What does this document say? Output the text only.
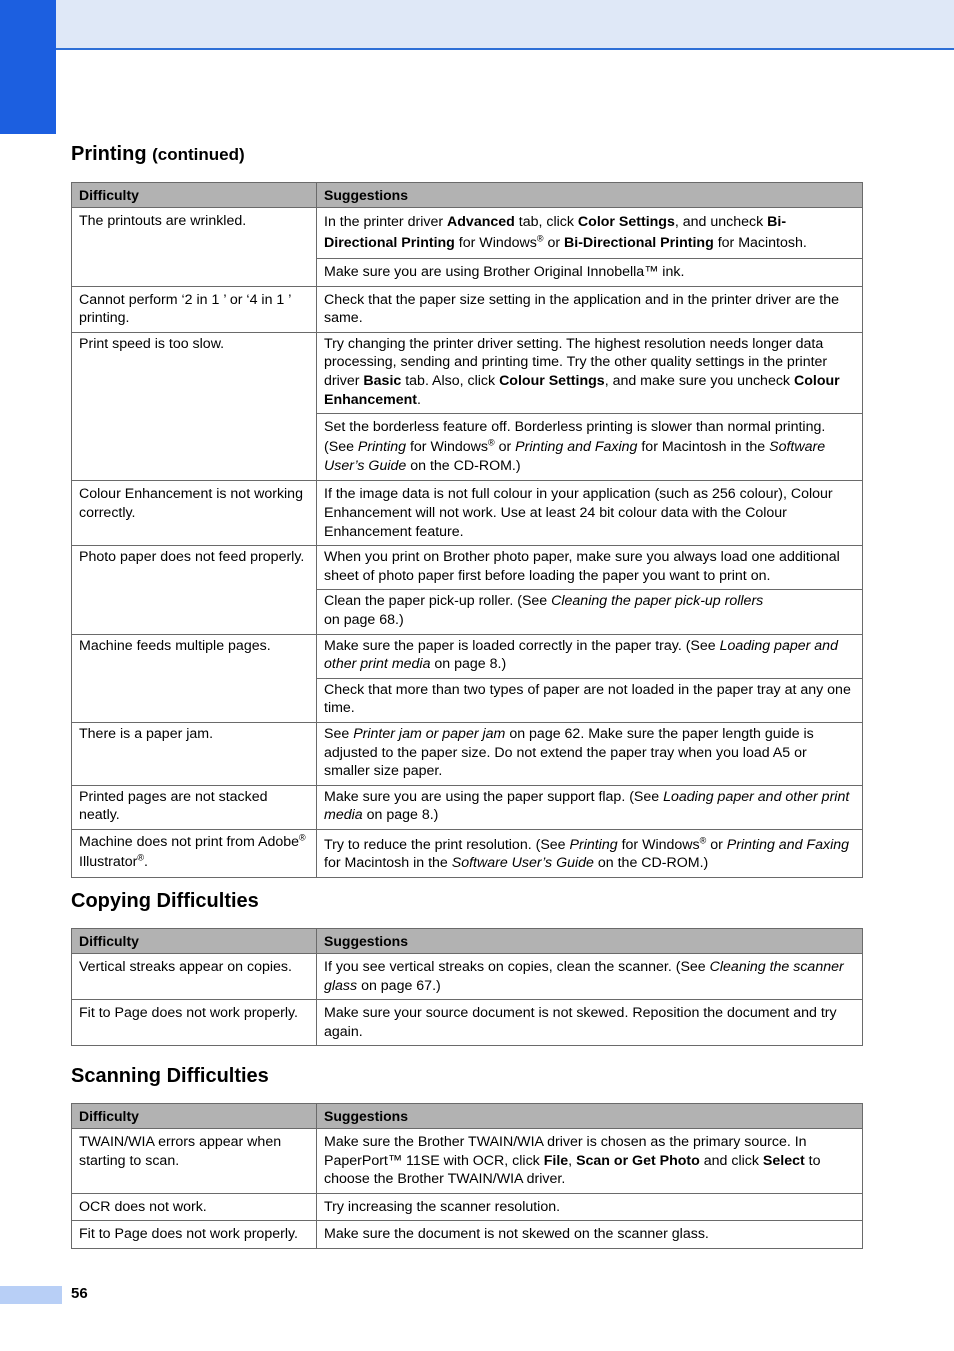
Printing (continued)
Difficulty	Suggestions
The printouts are wrinkled.	In the printer driver Advanced tab, click Color Settings, and uncheck Bi-Directional Printing for Windows® or Bi-Directional Printing for Macintosh.
	Make sure you are using Brother Original Innobella™ ink.
Cannot perform ‘2 in 1 ’ or ‘4 in 1 ’ printing.	Check that the paper size setting in the application and in the printer driver are the same.
Print speed is too slow.	Try changing the printer driver setting. The highest resolution needs longer data processing, sending and printing time. Try the other quality settings in the printer driver Basic tab. Also, click Colour Settings, and make sure you uncheck Colour Enhancement.
	Set the borderless feature off. Borderless printing is slower than normal printing. (See Printing for Windows® or Printing and Faxing for Macintosh in the Software User’s Guide on the CD-ROM.)
Colour Enhancement is not working correctly.	If the image data is not full colour in your application (such as 256 colour), Colour Enhancement will not work. Use at least 24 bit colour data with the Colour Enhancement feature.
Photo paper does not feed properly.	When you print on Brother photo paper, make sure you always load one additional sheet of photo paper first before loading the paper you want to print on.
	Clean the paper pick-up roller. (See Cleaning the paper pick-up rollers
on page 68.)
Machine feeds multiple pages.	Make sure the paper is loaded correctly in the paper tray. (See Loading paper and other print media on page 8.)
	Check that more than two types of paper are not loaded in the paper tray at any one time.
There is a paper jam.	See Printer jam or paper jam on page 62. Make sure the paper length guide is adjusted to the paper size. Do not extend the paper tray when you load A5 or smaller size paper.
Printed pages are not stacked neatly.	Make sure you are using the paper support flap. (See Loading paper and other print media on page 8.)
Machine does not print from Adobe® Illustrator®.	Try to reduce the print resolution. (See Printing for Windows® or Printing and Faxing for Macintosh in the Software User’s Guide on the CD-ROM.)
Copying Difficulties
Difficulty	Suggestions
Vertical streaks appear on copies.	If you see vertical streaks on copies, clean the scanner. (See Cleaning the scanner glass on page 67.)
Fit to Page does not work properly.	Make sure your source document is not skewed. Reposition the document and try again.
Scanning Difficulties
Difficulty	Suggestions
TWAIN/WIA errors appear when starting to scan.	Make sure the Brother TWAIN/WIA driver is chosen as the primary source. In PaperPort™ 11SE with OCR, click File, Scan or Get Photo and click Select to choose the Brother TWAIN/WIA driver.
OCR does not work.	Try increasing the scanner resolution.
Fit to Page does not work properly.	Make sure the document is not skewed on the scanner glass.
56
